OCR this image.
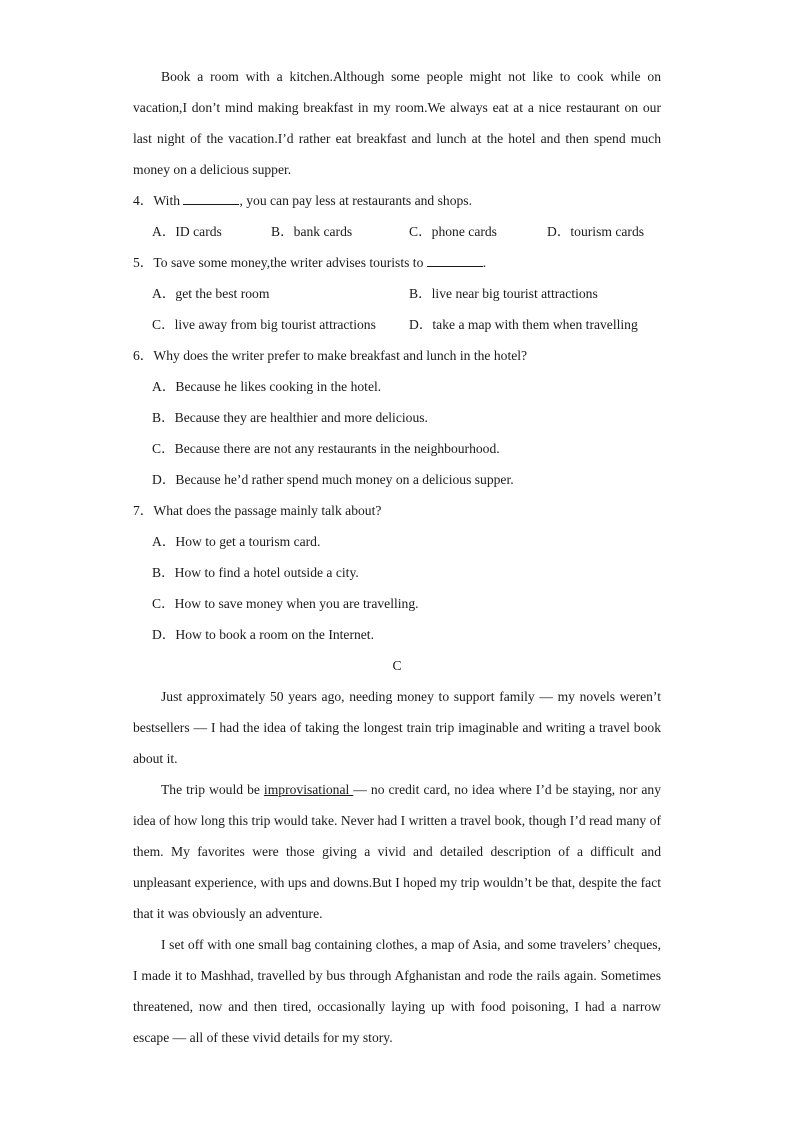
Book a room with a kitchen.Although some people might not like to cook while on vacation,I don’t mind making breakfast in my room.We always eat at a nice restaurant on our last night of the vacation.I’d rather eat breakfast and lunch at the hotel and then spend much money on a delicious supper.

4．With	, you can pay less at restaurants and shops.

A．ID cards	B．bank cards	C．phone cards	D．tourism cards

5．To save some money,the writer advises tourists to	.

A．get the best room	B．live near big tourist attractions
C．live away from big tourist attractions D．take a map with them when travelling

6．Why does the writer prefer to make breakfast and lunch in the hotel?

A．Because he likes cooking in the hotel.

B．Because they are healthier and more delicious.

C．Because there are not any restaurants in the neighbourhood.

D．Because he’d rather spend much money on a delicious supper.

7．What does the passage mainly talk about?

A．How to get a tourism card.

B．How to find a hotel outside a city.

C．How to save money when you are travelling.

D．How to book a room on the Internet.

C

Just approximately 50 years ago, needing money to support family — my novels weren’t bestsellers — I had the idea of taking the longest train trip imaginable and writing a travel book about it.

The trip would be improvisational — no credit card, no idea where I’d be staying, nor any idea of how long this trip would take. Never had I written a travel book, though I’d read many of them. My favorites were those giving a vivid and detailed description of a difficult and unpleasant experience, with ups and downs.But I hoped my trip wouldn’t be that, despite the fact that it was obviously an adventure.

I set off with one small bag containing clothes, a map of Asia, and some travelers’ cheques, I made it to Mashhad, travelled by bus through Afghanistan and rode the rails again. Sometimes threatened, now and then tired, occasionally laying up with food poisoning, I had a narrow escape — all of these vivid details for my story.
